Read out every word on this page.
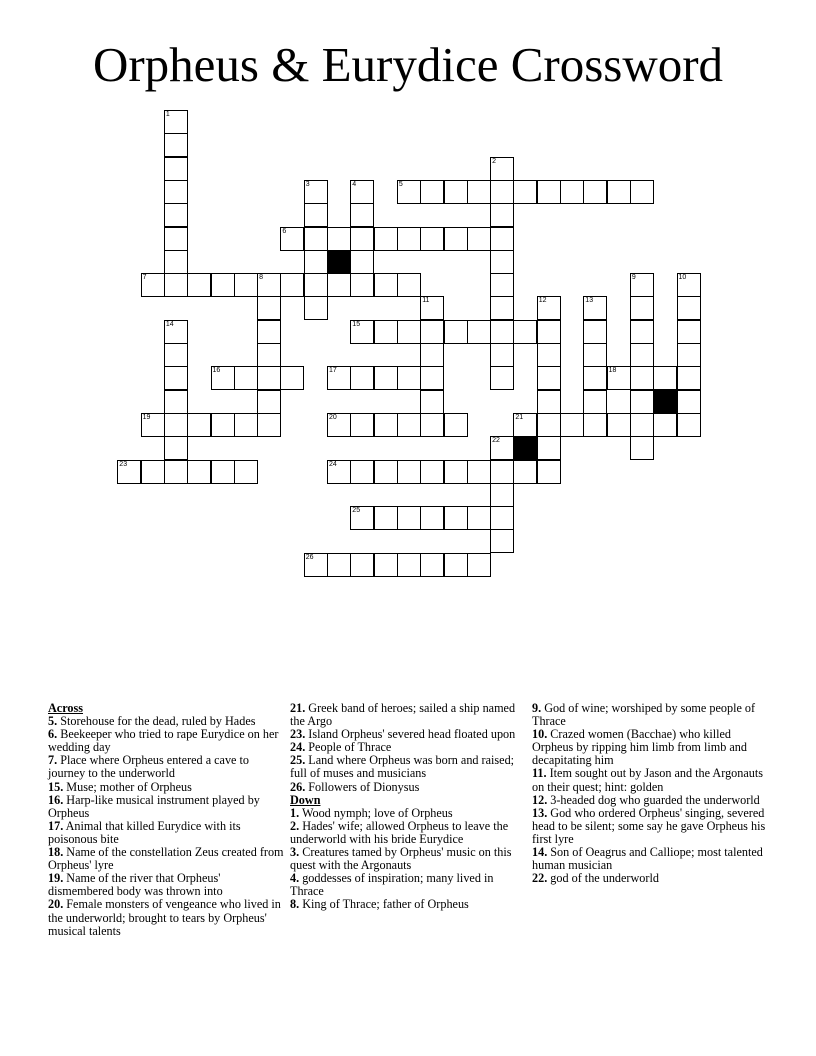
Orpheus & Eurydice Crossword
1
2
3	4	5
6
7	8	9	10
11	12	13
14	15
16	17	18
19	20	21
22
23	24
25
26
Across
5. Storehouse for the dead, ruled by Hades
6. Beekeeper who tried to rape Eurydice on her wedding day
7. Place where Orpheus entered a cave to journey to the underworld
15. Muse; mother of Orpheus
16. Harp-like musical instrument played by Orpheus
17. Animal that killed Eurydice with its poisonous bite
18. Name of the constellation Zeus created from Orpheus' lyre
19. Name of the river that Orpheus' dismembered body was thrown into
20. Female monsters of vengeance who lived in the underworld; brought to tears by Orpheus' musical talents
21. Greek band of heroes; sailed a ship named the Argo
23. Island Orpheus' severed head floated upon
24. People of Thrace
25. Land where Orpheus was born and raised; full of muses and musicians
26. Followers of Dionysus
Down
1. Wood nymph; love of Orpheus
2. Hades' wife; allowed Orpheus to leave the underworld with his bride Eurydice
3. Creatures tamed by Orpheus' music on this quest with the Argonauts
4. goddesses of inspiration; many lived in Thrace
8. King of Thrace; father of Orpheus
9. God of wine; worshiped by some people of Thrace
10. Crazed women (Bacchae) who killed Orpheus by ripping him limb from limb and decapitating him
11. Item sought out by Jason and the Argonauts on their quest; hint: golden
12. 3-headed dog who guarded the underworld
13. God who ordered Orpheus' singing, severed head to be silent; some say he gave Orpheus his first lyre
14. Son of Oeagrus and Calliope; most talented human musician
22. god of the underworld
